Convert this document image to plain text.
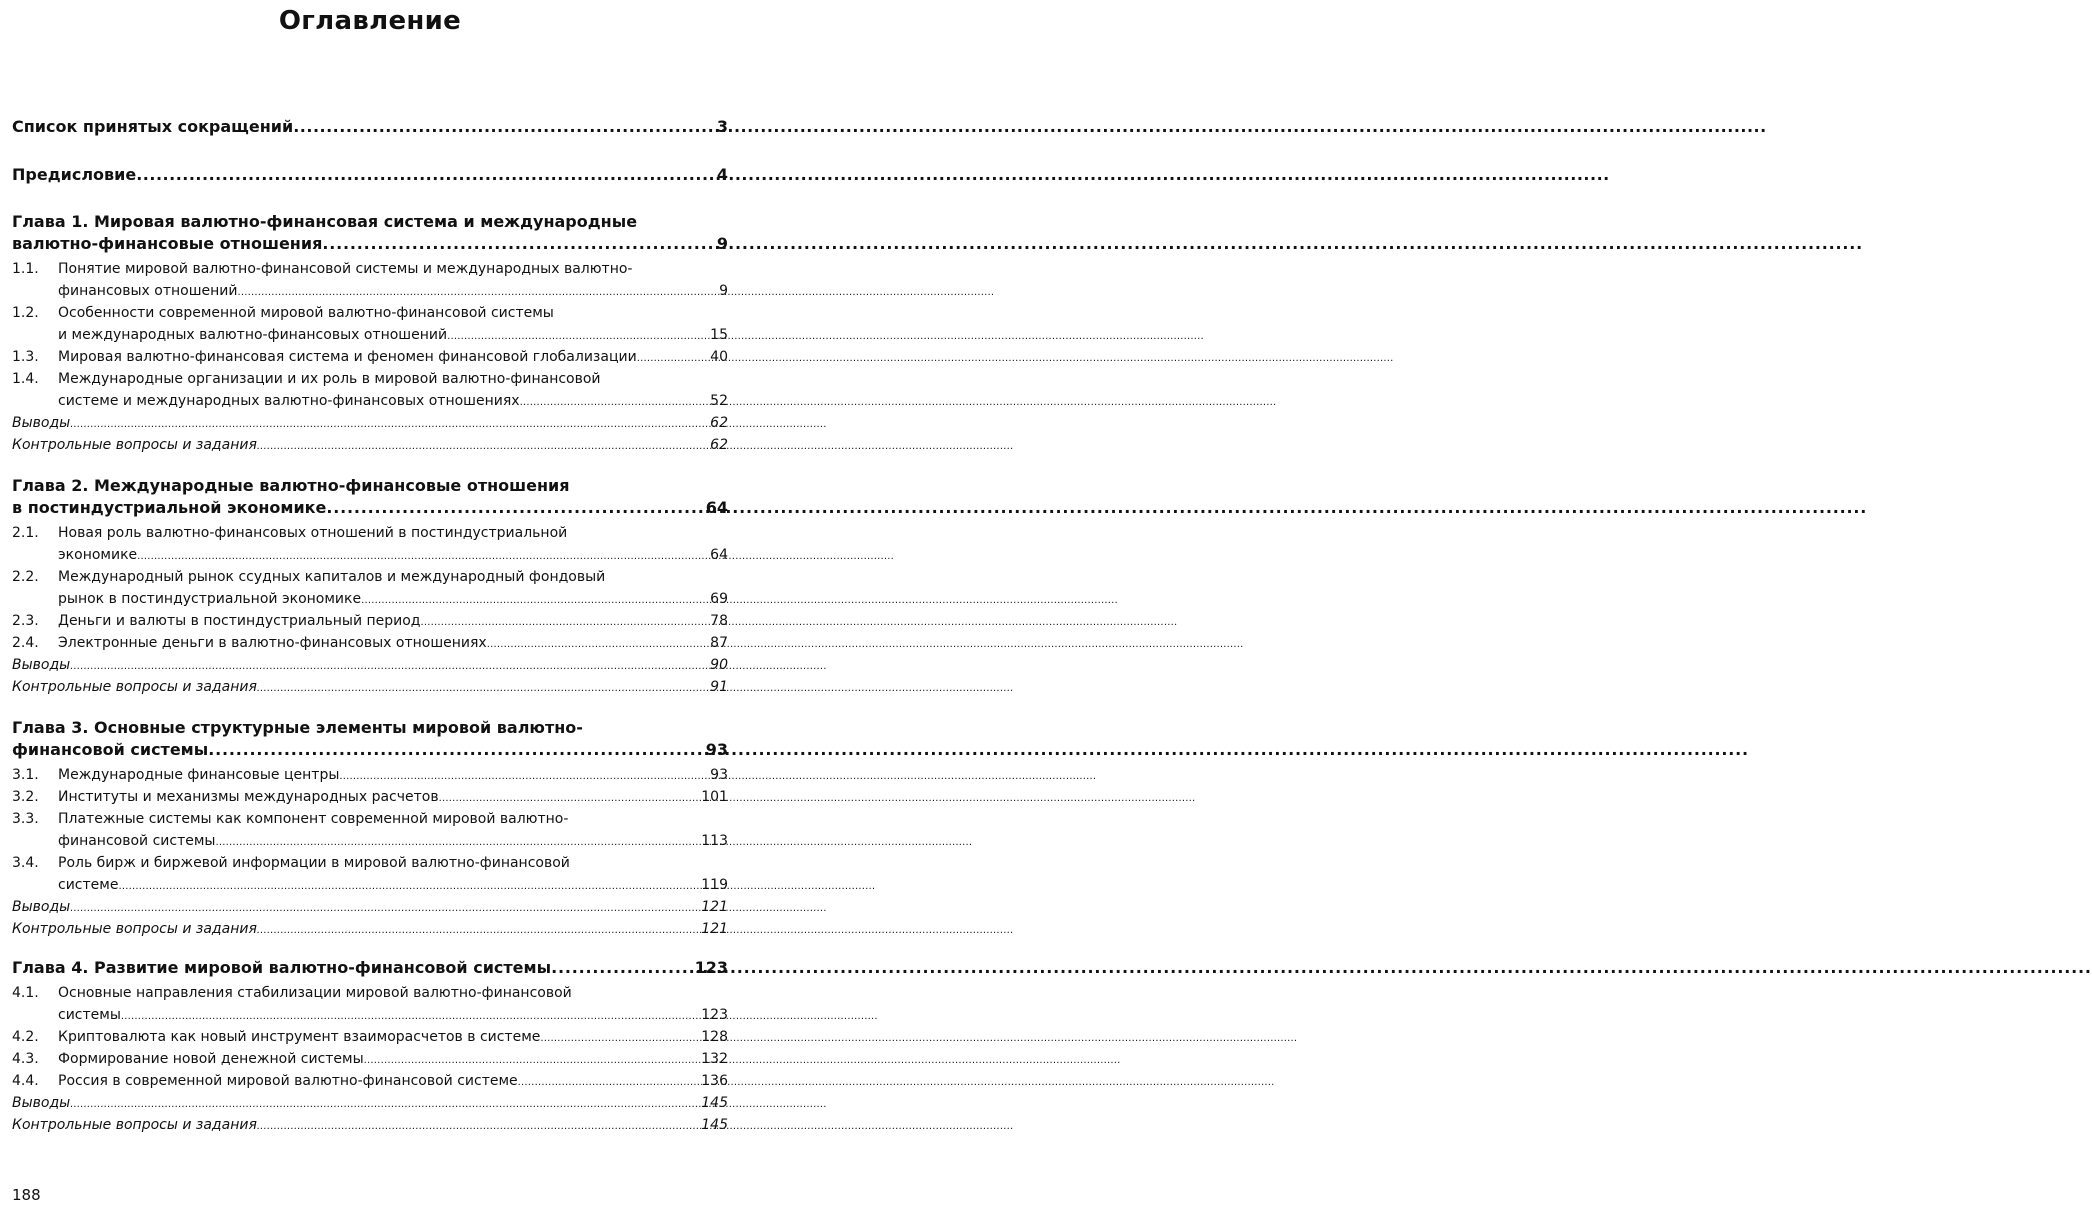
Оглавление
Список принятых сокращений .....	3
Предисловие .....	4
Глава 1. Мировая валютно-финансовая система и международные
валютно-финансовые отношения .....	9
1.1.	Понятие мировой валютно-финансовой системы и международных валютно-
финансовых отношений .....	9
1.2.	Особенности современной мировой валютно-финансовой системы
и международных валютно-финансовых отношений .....	15
1.3.	Мировая валютно-финансовая система и феномен финансовой глобализации .....	40
1.4.	Международные организации и их роль в мировой валютно-финансовой
системе и международных валютно-финансовых отношениях .....	52
Выводы .....	62
Контрольные вопросы и задания .....	62
Глава 2. Международные валютно-финансовые отношения
в постиндустриальной экономике .....	64
2.1.	Новая роль валютно-финансовых отношений в постиндустриальной
экономике .....	64
2.2.	Международный рынок ссудных капиталов и международный фондовый
рынок в постиндустриальной экономике .....	69
2.3.	Деньги и валюты в постиндустриальный период .....	78
2.4.	Электронные деньги в валютно-финансовых отношениях .....	87
Выводы .....	90
Контрольные вопросы и задания .....	91
Глава 3. Основные структурные элементы мировой валютно-
финансовой системы .....	93
3.1.	Международные финансовые центры .....	93
3.2.	Институты и механизмы международных расчетов .....	101
3.3.	Платежные системы как компонент современной мировой валютно-
финансовой системы .....	113
3.4.	Роль бирж и биржевой информации в мировой валютно-финансовой
системе .....	119
Выводы .....	121
Контрольные вопросы и задания .....	121
Глава 4. Развитие мировой валютно-финансовой системы .....	123
4.1.	Основные направления стабилизации мировой валютно-финансовой
системы .....	123
4.2.	Криптовалюта как новый инструмент взаиморасчетов в системе .....	128
4.3.	Формирование новой денежной системы .....	132
4.4.	Россия в современной мировой валютно-финансовой системе .....	136
Выводы .....	145
Контрольные вопросы и задания .....	145
188
